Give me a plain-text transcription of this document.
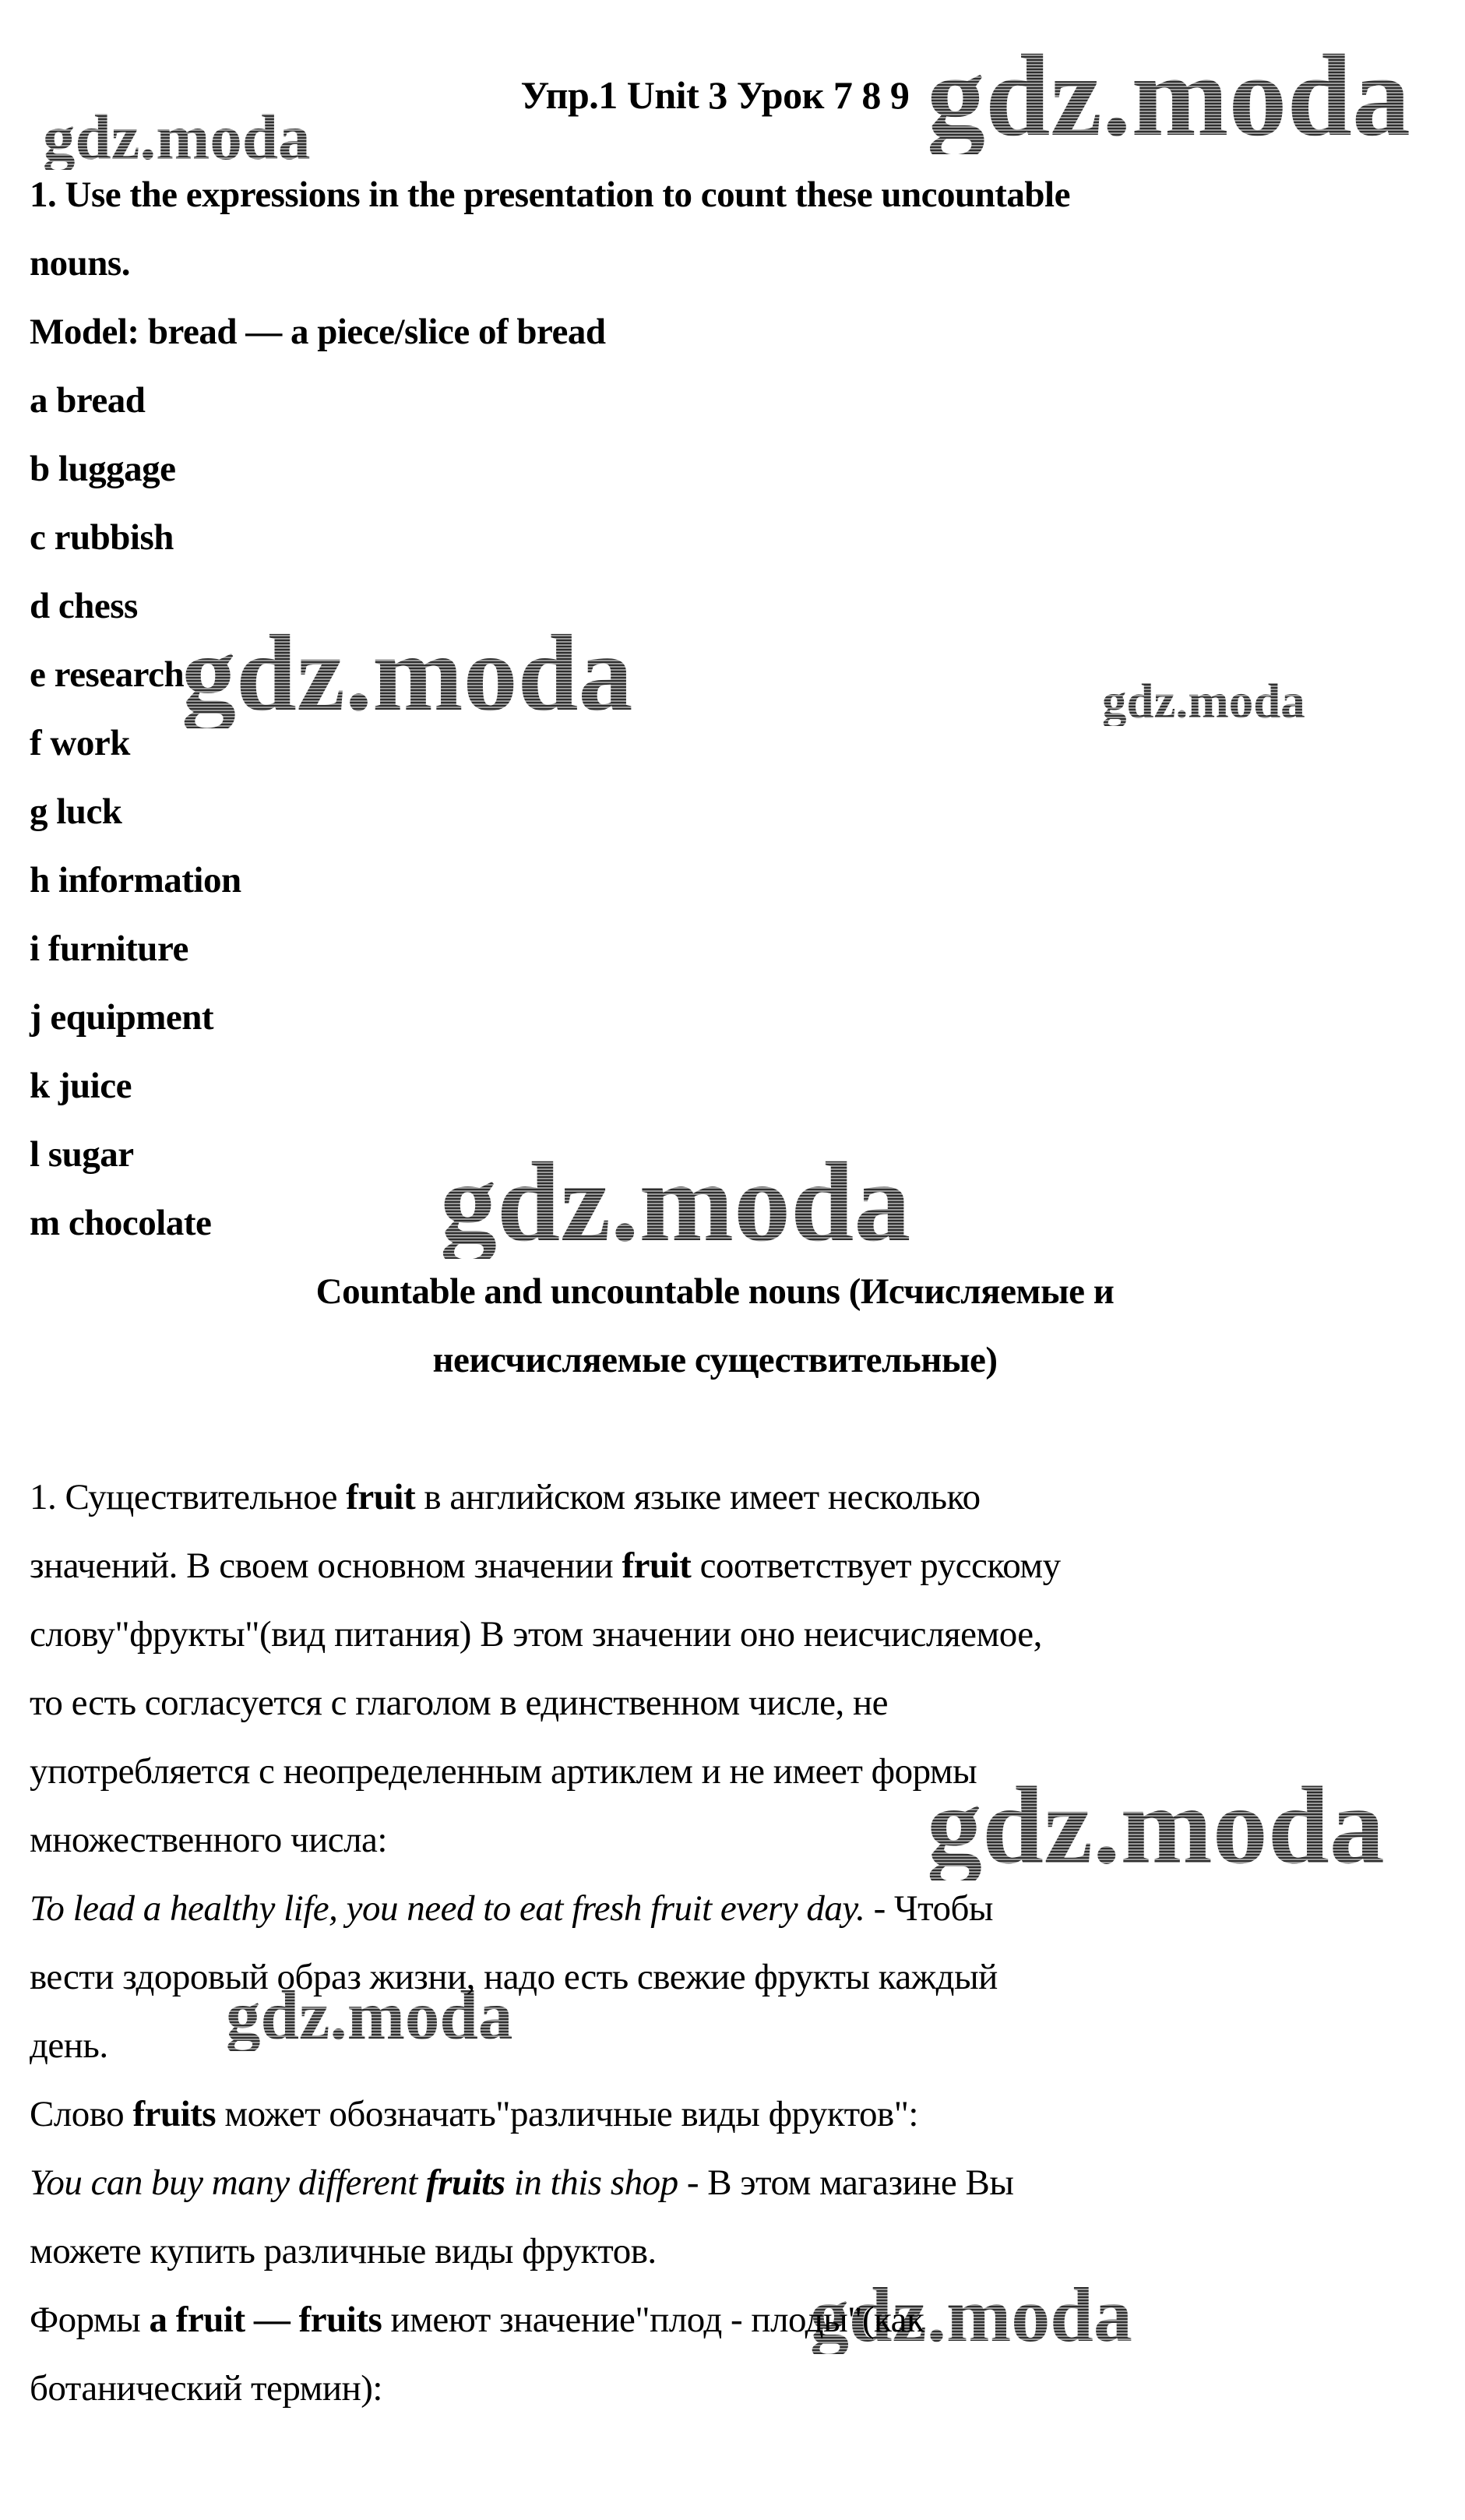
gdz.moda	gdz.moda
gdz.moda	gdz.moda
gdz.moda
gdz.moda
gdz.moda
gdz.moda
Упр.1 Unit 3 Урок 7 8 9
1. Use the expressions in the presentation to count these uncountable
nouns.
Model: bread — a piece/slice of bread
a bread
b luggage
c rubbish
d chess
e research
f work
g luck
h information
i furniture
j equipment
k juice
l sugar
m chocolate
Countable and uncountable nouns (Исчисляемые и
неисчисляемые существительные)
1. Существительное fruit в английском языке имеет несколько
значений. В своем основном значении fruit соответствует русскому
слову"фрукты"(вид питания) В этом значении оно неисчисляемое,
то есть согласуется с глаголом в единственном числе, не
употребляется с неопределенным артиклем и не имеет формы
множественного числа:
To lead a healthy life, you need to eat fresh fruit every day. - Чтобы
вести здоровый образ жизни, надо есть свежие фрукты каждый
день.
Слово fruits может обозначать"различные виды фруктов":
You can buy many different fruits in this shop - В этом магазине Вы
можете купить различные виды фруктов.
Формы a fruit — fruits имеют значение"плод - плоды"(как
ботанический термин):
